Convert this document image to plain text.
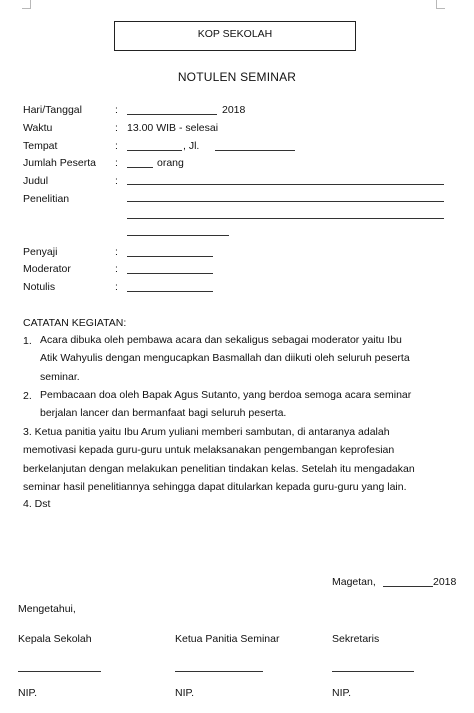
KOP SEKOLAH
NOTULEN SEMINAR
Hari/Tanggal	:	2018
Waktu	: 13.00 WIB - selesai
Tempat	:	, Jl.
Jumlah Peserta :	orang
Judul	:
Penelitian
Penyaji	:
Moderator	:
Notulis	:
CATATAN KEGIATAN:
1. Acara dibuka oleh pembawa acara dan sekaligus sebagai moderator yaitu Ibu
Atik Wahyulis dengan mengucapkan Basmallah dan diikuti oleh seluruh peserta
seminar.
2. Pembacaan doa oleh Bapak Agus Sutanto, yang berdoa semoga acara seminar
berjalan lancer dan bermanfaat bagi seluruh peserta.
3. Ketua panitia yaitu Ibu Arum yuliani memberi sambutan, di antaranya adalah
memotivasi kepada guru-guru untuk melaksanakan pengembangan keprofesian
berkelanjutan dengan melakukan penelitian tindakan kelas. Setelah itu mengadakan
seminar hasil penelitiannya sehingga dapat ditularkan kepada guru-guru yang lain.
4. Dst
Magetan,	2018
Mengetahui,
Kepala Sekolah	Ketua Panitia Seminar	Sekretaris
NIP.	NIP.	NIP.
